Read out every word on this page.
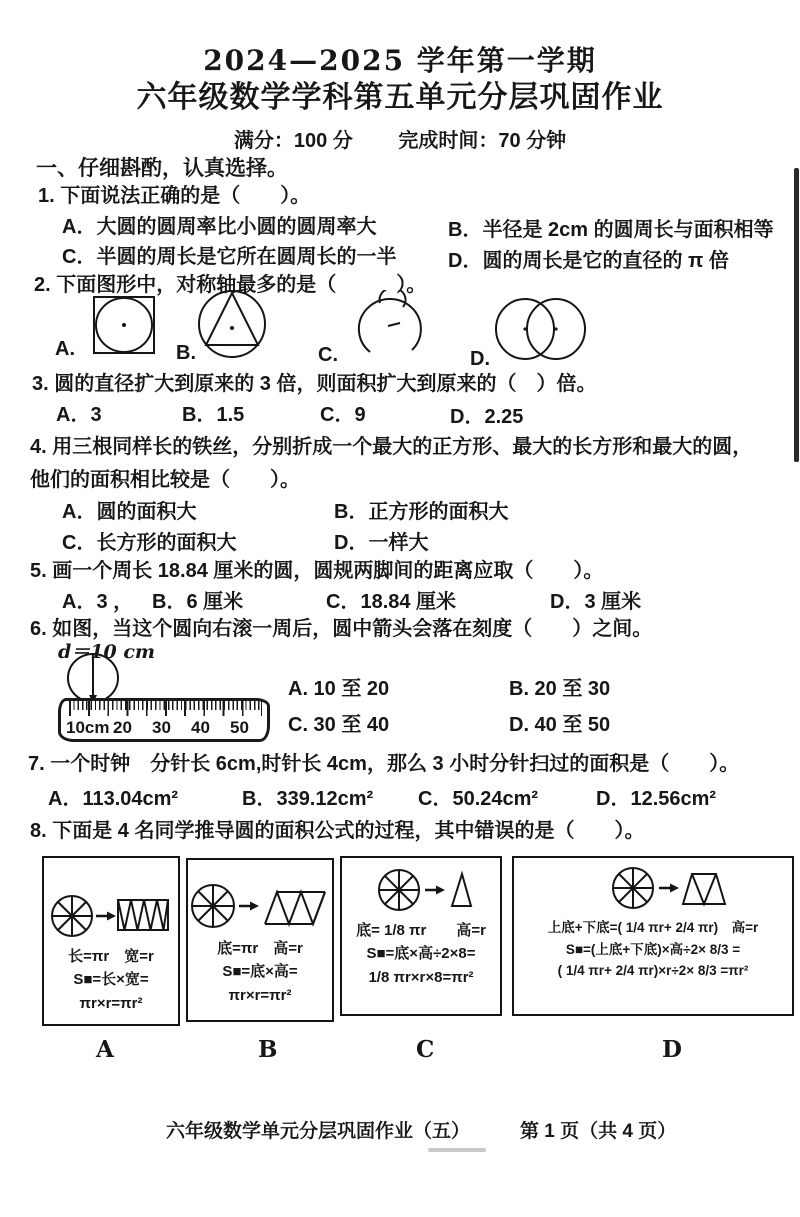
2024—2025 学年第一学期
六年级数学学科第五单元分层巩固作业
满分：100 分 完成时间：70 分钟
一、仔细斟酌，认真选择。
1. 下面说法正确的是（　　）。
A．大圆的圆周率比小圆的圆周率大	B．半径是 2cm 的圆周长与面积相等
C．半圆的周长是它所在圆周长的一半	D．圆的周长是它的直径的 π 倍
2. 下面图形中，对称轴最多的是（　　　）。
A.	B.	C.	D.
3. 圆的直径扩大到原来的 3 倍，则面积扩大到原来的（　）倍。
A．3	B．1.5	C．9	D．2.25
4. 用三根同样长的铁丝，分别折成一个最大的正方形、最大的长方形和最大的圆，
他们的面积相比较是（　　）。
A．圆的面积大	B．正方形的面积大
C．长方形的面积大	D．一样大
5. 画一个周长 18.84 厘米的圆，圆规两脚间的距离应取（　　）。
A．3 ， B．6 厘米	C．18.84 厘米	D．3 厘米
6. 如图，当这个圆向右滚一周后，圆中箭头会落在刻度（　　）之间。
d＝10 cm
10cm 20 30 40 50
A. 10 至 20	B. 20 至 30
C. 30 至 40	D. 40 至 50
7. 一个时钟　分针长 6cm,时针长 4cm，那么 3 小时分针扫过的面积是（　　）。
A．113.04cm²	B．339.12cm² C．50.24cm²	D．12.56cm²
8. 下面是 4 名同学推导圆的面积公式的过程，其中错误的是（　　）。
长=πr　宽=r
S■=长×宽=
πr×r=πr²
底=πr　高=r
S■=底×高=
πr×r=πr²
底= 1/8 πr　　高=r
S■=底×高÷2×8=
1/8 πr×r×8=πr²
上底+下底=( 1/4 πr+ 2/4 πr)　高=r
S■=(上底+下底)×高÷2× 8/3 =
( 1/4 πr+ 2/4 πr)×r÷2× 8/3 =πr²
A	B	C	D
六年级数学单元分层巩固作业（五）	第 1 页（共 4 页）
